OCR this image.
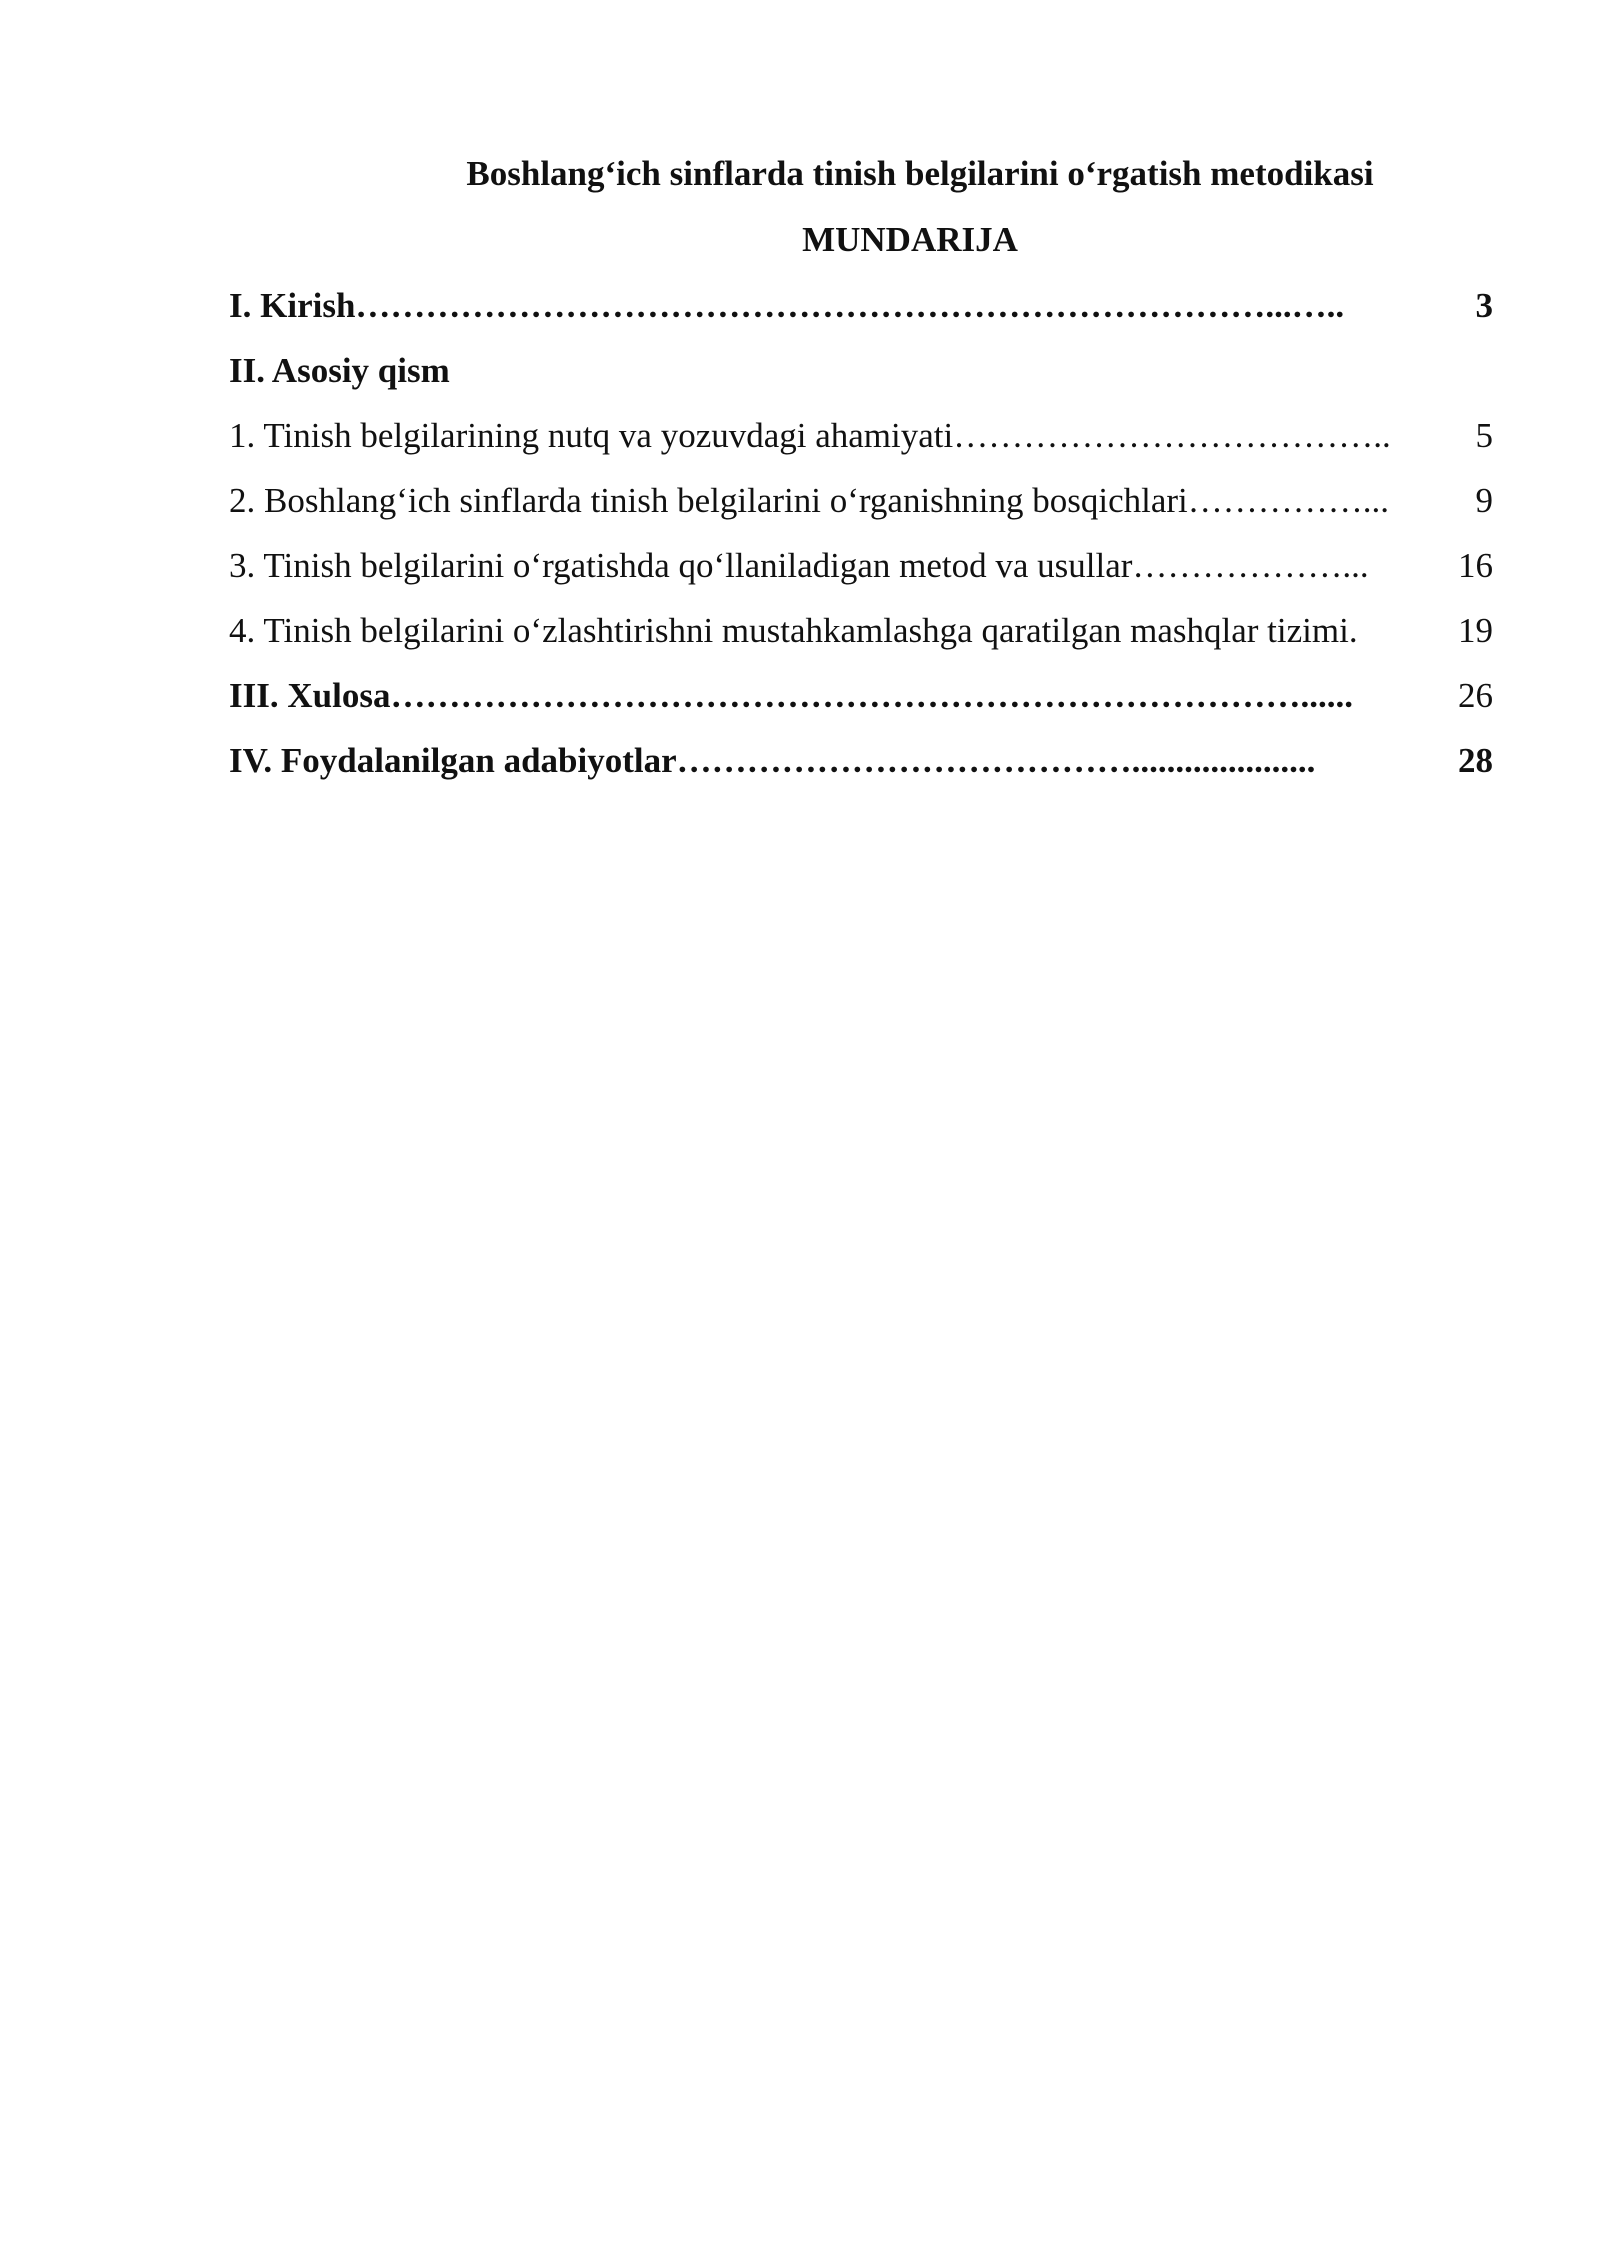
Boshlang‘ich sinflarda tinish belgilarini o‘rgatish metodikasi
MUNDARIJA
I. Kirish……………………………………………………………………...…..	3
II. Asosiy qism
1. Tinish belgilarining nutq va yozuvdagi ahamiyati………………………………..	5
2. Boshlang‘ich sinflarda tinish belgilarini o‘rganishning bosqichlari……………...	9
3. Tinish belgilarini o‘rgatishda qo‘llaniladigan metod va usullar………………...	16
4. Tinish belgilarini o‘zlashtirishni mustahkamlashga qaratilgan mashqlar tizimi.	19
III. Xulosa……………………………………………………………………......	26
IV. Foydalanilgan adabiyotlar………………………………….....................	28
